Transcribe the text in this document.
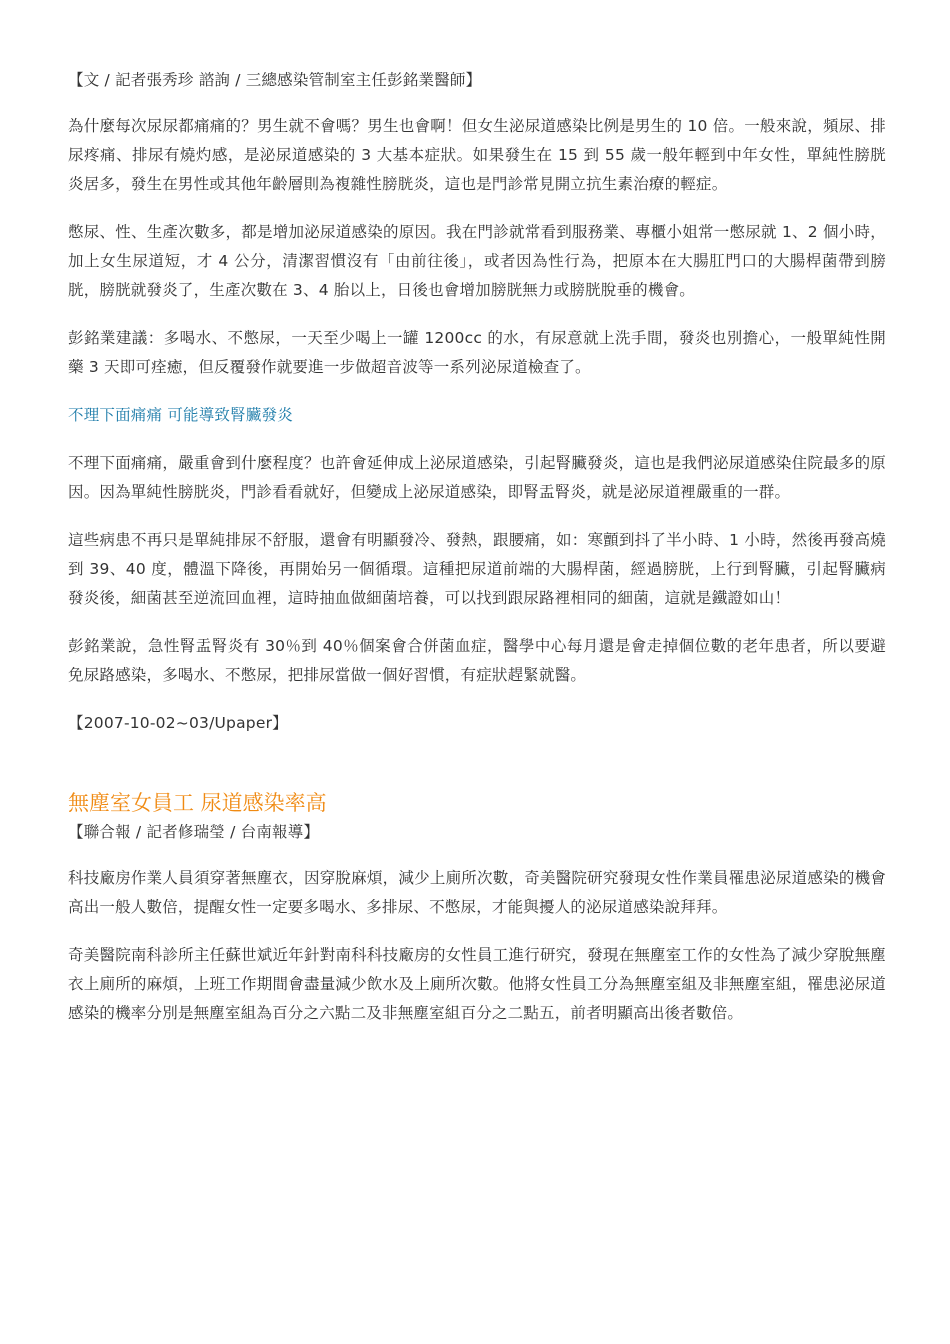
【文 / 記者張秀珍 諮詢 / 三總感染管制室主任彭銘業醫師】

為什麼每次尿尿都痛痛的？男生就不會嗎？男生也會啊！但女生泌尿道感染比例是男生的 10 倍。一般來說，頻尿、排尿疼痛、排尿有燒灼感，是泌尿道感染的 3 大基本症狀。如果發生在 15 到 55 歲一般年輕到中年女性，單純性膀胱炎居多，發生在男性或其他年齡層則為複雜性膀胱炎，這也是門診常見開立抗生素治療的輕症。

憋尿、性、生產次數多，都是增加泌尿道感染的原因。我在門診就常看到服務業、專櫃小姐常一憋尿就 1、2 個小時，加上女生尿道短，才 4 公分，清潔習慣沒有「由前往後」，或者因為性行為，把原本在大腸肛門口的大腸桿菌帶到膀胱，膀胱就發炎了，生產次數在 3、4 胎以上，日後也會增加膀胱無力或膀胱脫垂的機會。

彭銘業建議：多喝水、不憋尿，一天至少喝上一罐 1200cc 的水，有尿意就上洗手間，發炎也別擔心，一般單純性開藥 3 天即可痊癒，但反覆發作就要進一步做超音波等一系列泌尿道檢查了。

不理下面痛痛 可能導致腎臟發炎

不理下面痛痛，嚴重會到什麼程度？也許會延伸成上泌尿道感染，引起腎臟發炎，這也是我們泌尿道感染住院最多的原因。因為單純性膀胱炎，門診看看就好，但變成上泌尿道感染，即腎盂腎炎，就是泌尿道裡嚴重的一群。

這些病患不再只是單純排尿不舒服，還會有明顯發冷、發熱，跟腰痛，如：寒顫到抖了半小時、1 小時，然後再發高燒到 39、40 度，體溫下降後，再開始另一個循環。這種把尿道前端的大腸桿菌，經過膀胱，上行到腎臟，引起腎臟病發炎後，細菌甚至逆流回血裡，這時抽血做細菌培養，可以找到跟尿路裡相同的細菌，這就是鐵證如山！

彭銘業說，急性腎盂腎炎有 30％到 40％個案會合併菌血症，醫學中心每月還是會走掉個位數的老年患者，所以要避免尿路感染，多喝水、不憋尿，把排尿當做一個好習慣，有症狀趕緊就醫。

【2007-10-02~03/Upaper】

無塵室女員工 尿道感染率高

【聯合報 / 記者修瑞瑩 / 台南報導】

科技廠房作業人員須穿著無塵衣，因穿脫麻煩，減少上廁所次數，奇美醫院研究發現女性作業員罹患泌尿道感染的機會高出一般人數倍，提醒女性一定要多喝水、多排尿、不憋尿，才能與擾人的泌尿道感染說拜拜。

奇美醫院南科診所主任蘇世斌近年針對南科科技廠房的女性員工進行研究，發現在無塵室工作的女性為了減少穿脫無塵衣上廁所的麻煩，上班工作期間會盡量減少飲水及上廁所次數。他將女性員工分為無塵室組及非無塵室組，罹患泌尿道感染的機率分別是無塵室組為百分之六點二及非無塵室組百分之二點五，前者明顯高出後者數倍。
